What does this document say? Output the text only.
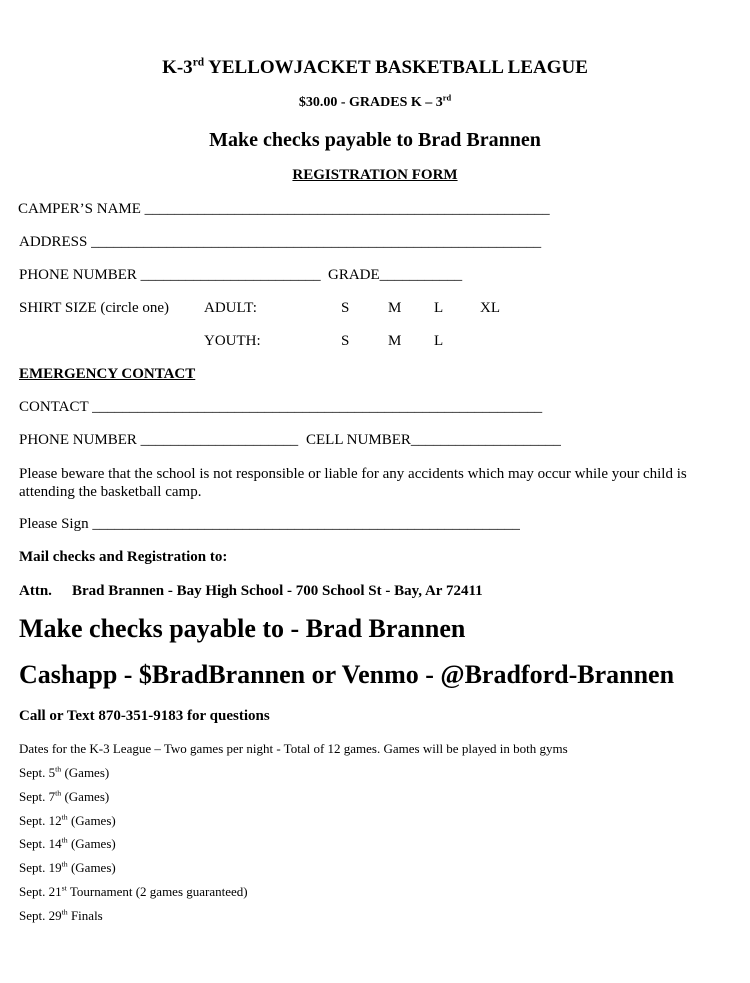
K-3rd YELLOWJACKET BASKETBALL LEAGUE
$30.00 - GRADES K – 3rd
Make checks payable to Brad Brannen
REGISTRATION FORM
CAMPER’S NAME ______________________________________________________
ADDRESS ____________________________________________________________
PHONE NUMBER ________________________ GRADE___________
SHIRT SIZE (circle one) ADULT:	S	M L XL
YOUTH:	S	M L
EMERGENCY CONTACT
CONTACT ____________________________________________________________
PHONE NUMBER _____________________ CELL NUMBER____________________
Please beware that the school is not responsible or liable for any accidents which may occur while your child is attending the basketball camp.
Please Sign _________________________________________________________
Mail checks and Registration to:
Attn. Brad Brannen - Bay High School - 700 School St - Bay, Ar 72411
Make checks payable to - Brad Brannen
Cashapp - $BradBrannen or Venmo - @Bradford-Brannen
Call or Text 870-351-9183 for questions
Dates for the K-3 League – Two games per night - Total of 12 games. Games will be played in both gyms
Sept. 5th (Games)
Sept. 7th (Games)
Sept. 12th (Games)
Sept. 14th (Games)
Sept. 19th (Games)
Sept. 21st Tournament (2 games guaranteed)
Sept. 29th Finals
